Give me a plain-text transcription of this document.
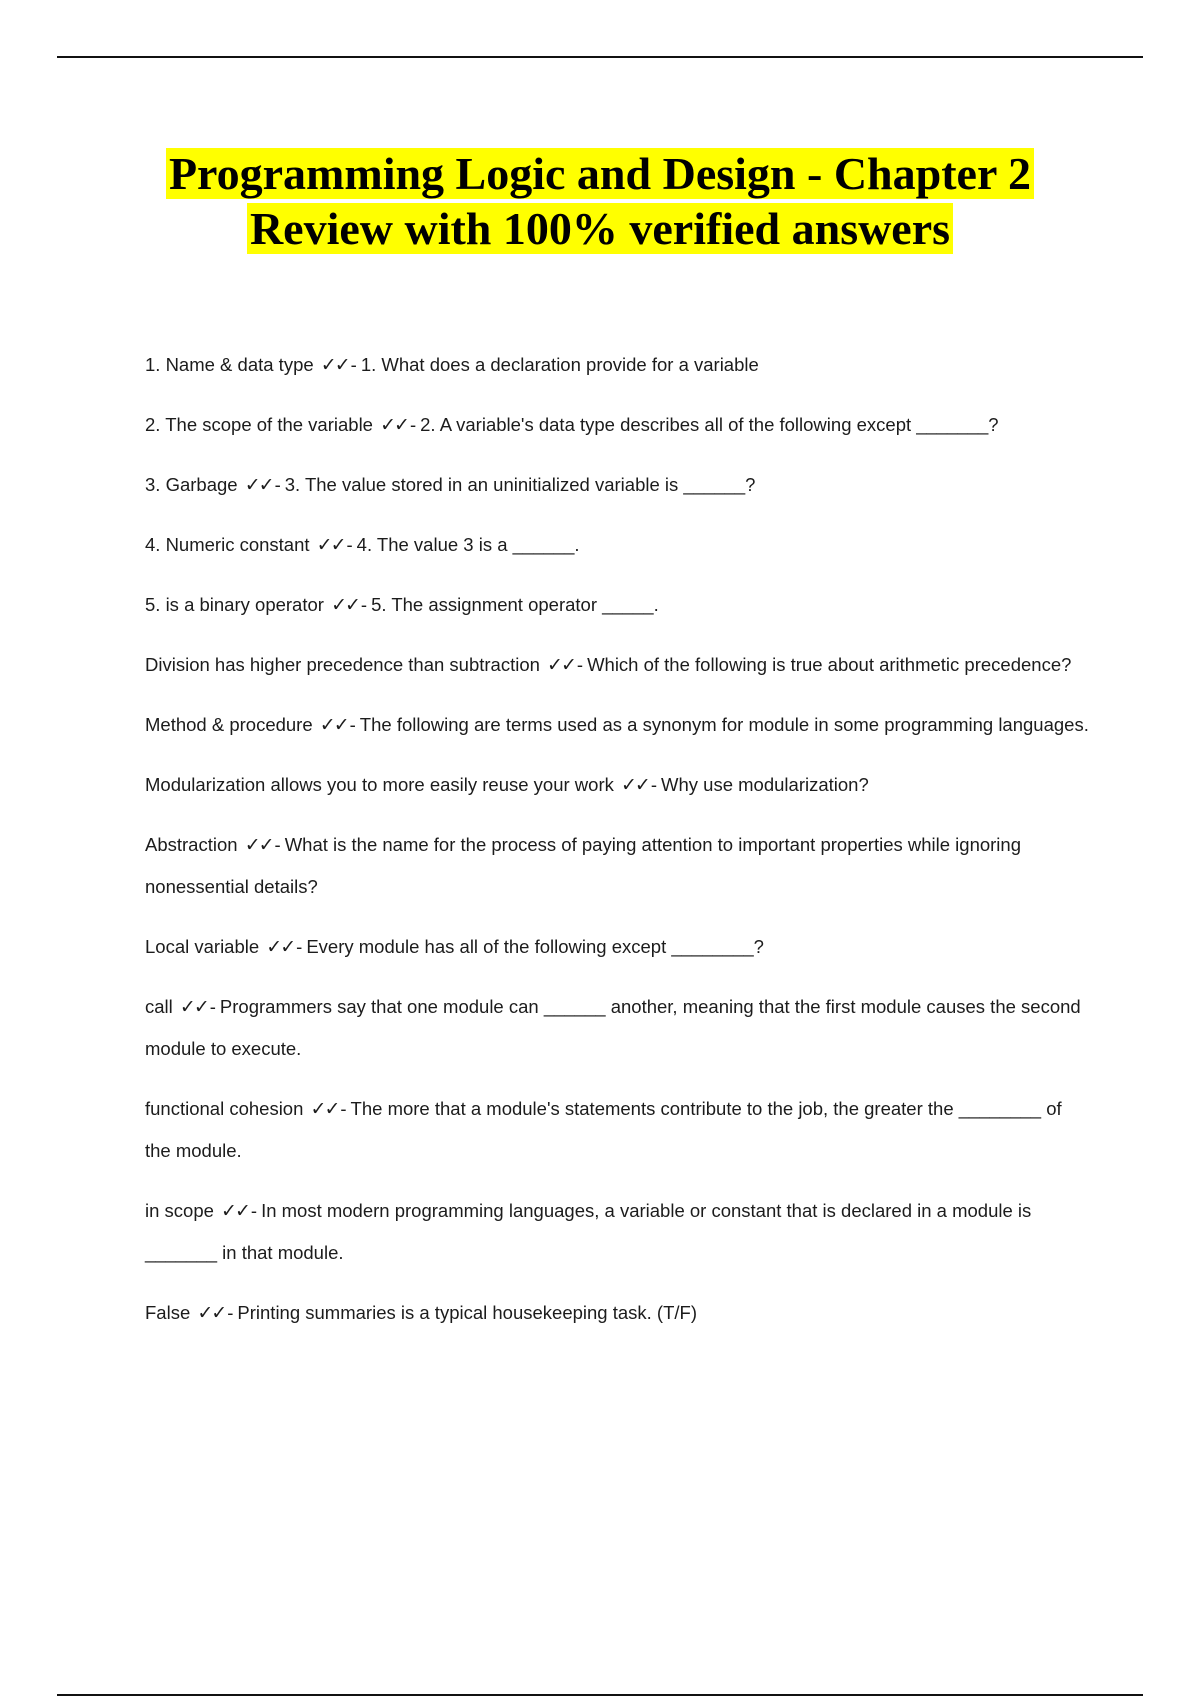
Programming Logic and Design - Chapter 2
Review with 100% verified answers
1. Name & data type ✓✓ - 1. What does a declaration provide for a variable
2. The scope of the variable ✓✓ - 2. A variable's data type describes all of the following except _______?
3. Garbage ✓✓ - 3. The value stored in an uninitialized variable is ______?
4. Numeric constant ✓✓ - 4. The value 3 is a ______.
5. is a binary operator ✓✓ - 5. The assignment operator _____.
Division has higher precedence than subtraction ✓✓ - Which of the following is true about arithmetic precedence?
Method & procedure ✓✓ - The following are terms used as a synonym for module in some programming languages.
Modularization allows you to more easily reuse your work ✓✓ - Why use modularization?
Abstraction ✓✓ - What is the name for the process of paying attention to important properties while ignoring nonessential details?
Local variable ✓✓ - Every module has all of the following except ________?
call ✓✓ - Programmers say that one module can ______ another, meaning that the first module causes the second module to execute.
functional cohesion ✓✓ - The more that a module's statements contribute to the job, the greater the ________ of the module.
in scope ✓✓ - In most modern programming languages, a variable or constant that is declared in a module is _______ in that module.
False ✓✓ - Printing summaries is a typical housekeeping task. (T/F)
